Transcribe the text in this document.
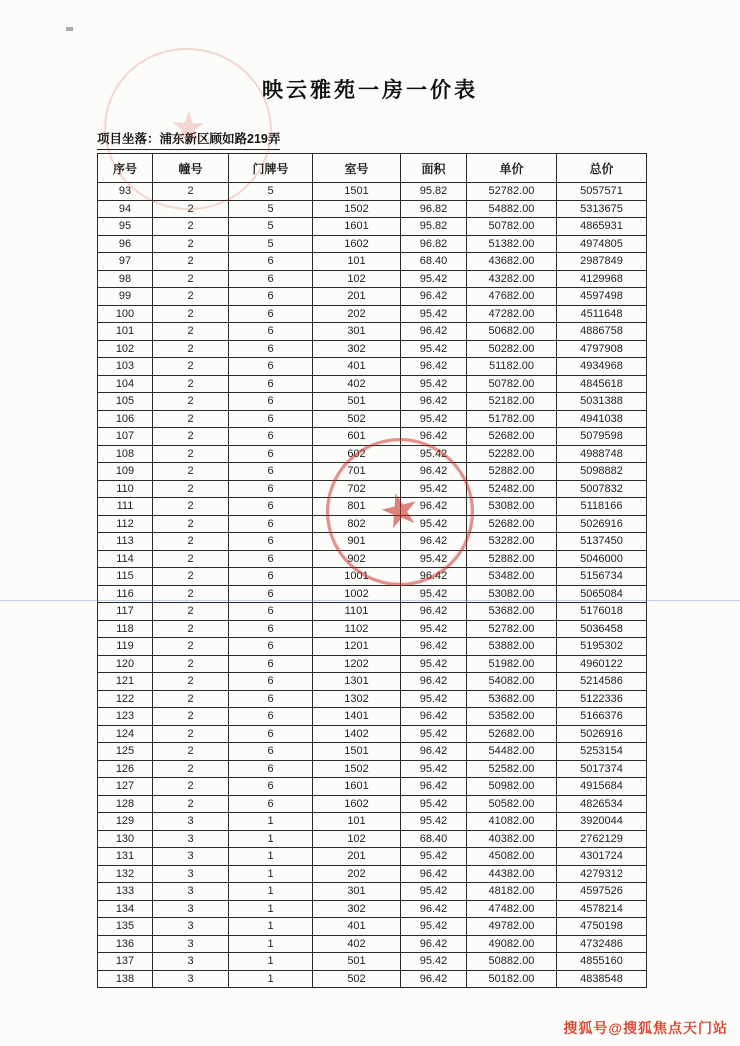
映云雅苑一房一价表
项目坐落：浦东新区顾如路219弄
序号	幢号	门牌号	室号	面积	单价	总价
93	2	5	1501	95.82	52782.00	5057571
94	2	5	1502	96.82	54882.00	5313675
95	2	5	1601	95.82	50782.00	4865931
96	2	5	1602	96.82	51382.00	4974805
97	2	6	101	68.40	43682.00	2987849
98	2	6	102	95.42	43282.00	4129968
99	2	6	201	96.42	47682.00	4597498
100	2	6	202	95.42	47282.00	4511648
101	2	6	301	96.42	50682.00	4886758
102	2	6	302	95.42	50282.00	4797908
103	2	6	401	96.42	51182.00	4934968
104	2	6	402	95.42	50782.00	4845618
105	2	6	501	96.42	52182.00	5031388
106	2	6	502	95.42	51782.00	4941038
107	2	6	601	96.42	52682.00	5079598
108	2	6	602	95.42	52282.00	4988748
109	2	6	701	96.42	52882.00	5098882
110	2	6	702	95.42	52482.00	5007832
111	2	6	801	96.42	53082.00	5118166
112	2	6	802	95.42	52682.00	5026916
113	2	6	901	96.42	53282.00	5137450
114	2	6	902	95.42	52882.00	5046000
115	2	6	1001	96.42	53482.00	5156734
116	2	6	1002	95.42	53082.00	5065084
117	2	6	1101	96.42	53682.00	5176018
118	2	6	1102	95.42	52782.00	5036458
119	2	6	1201	96.42	53882.00	5195302
120	2	6	1202	95.42	51982.00	4960122
121	2	6	1301	96.42	54082.00	5214586
122	2	6	1302	95.42	53682.00	5122336
123	2	6	1401	96.42	53582.00	5166376
124	2	6	1402	95.42	52682.00	5026916
125	2	6	1501	96.42	54482.00	5253154
126	2	6	1502	95.42	52582.00	5017374
127	2	6	1601	96.42	50982.00	4915684
128	2	6	1602	95.42	50582.00	4826534
129	3	1	101	95.42	41082.00	3920044
130	3	1	102	68.40	40382.00	2762129
131	3	1	201	95.42	45082.00	4301724
132	3	1	202	96.42	44382.00	4279312
133	3	1	301	95.42	48182.00	4597526
134	3	1	302	96.42	47482.00	4578214
135	3	1	401	95.42	49782.00	4750198
136	3	1	402	96.42	49082.00	4732486
137	3	1	501	95.42	50882.00	4855160
138	3	1	502	96.42	50182.00	4838548
★
★
搜狐号@搜狐焦点天门站
